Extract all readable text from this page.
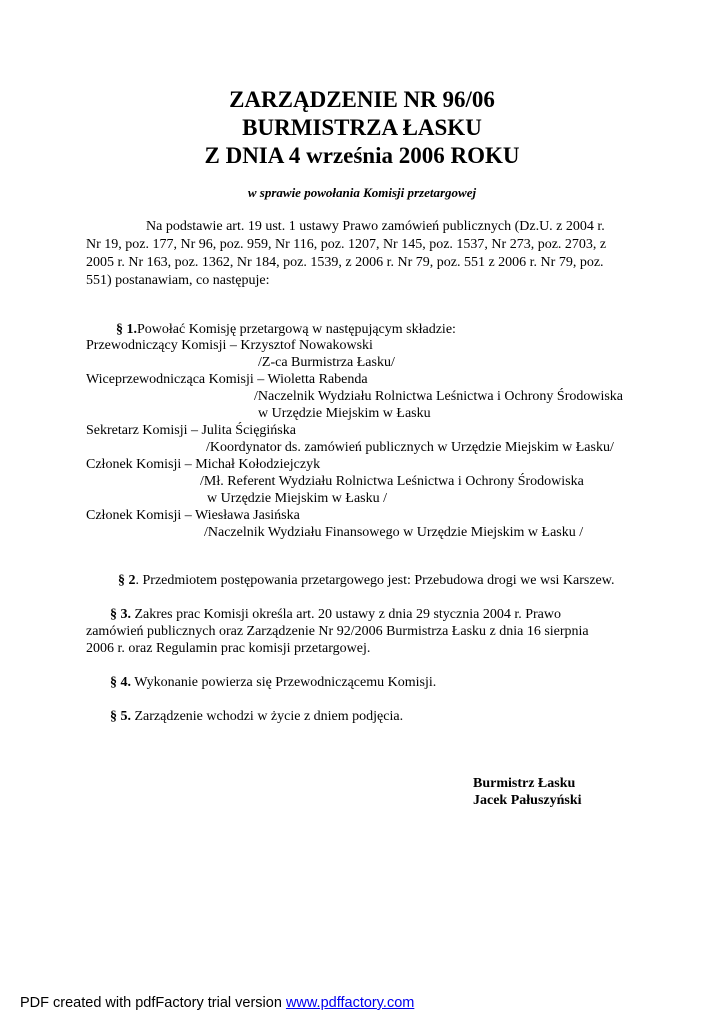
ZARZĄDZENIE NR 96/06
BURMISTRZA ŁASKU
Z DNIA 4 września 2006 ROKU
w sprawie powołania Komisji przetargowej
Na podstawie art. 19 ust. 1 ustawy Prawo zamówień publicznych (Dz.U. z 2004 r.
Nr 19, poz. 177, Nr 96, poz. 959, Nr 116, poz. 1207, Nr 145, poz. 1537, Nr 273, poz. 2703, z
2005 r. Nr 163, poz. 1362, Nr 184, poz. 1539, z 2006 r. Nr 79, poz. 551 z 2006 r. Nr 79, poz.
551) postanawiam, co następuje:
§ 1.Powołać Komisję przetargową w następującym składzie:
Przewodniczący Komisji – Krzysztof Nowakowski
/Z-ca Burmistrza Łasku/
Wiceprzewodnicząca Komisji – Wioletta Rabenda
/Naczelnik Wydziału Rolnictwa Leśnictwa i Ochrony Środowiska
w Urzędzie Miejskim w Łasku
Sekretarz Komisji – Julita Ścięgińska
/Koordynator ds. zamówień publicznych w Urzędzie Miejskim w Łasku/
Członek Komisji – Michał Kołodziejczyk
/Mł. Referent Wydziału Rolnictwa Leśnictwa i Ochrony Środowiska
w Urzędzie Miejskim w Łasku /
Członek Komisji – Wiesława Jasińska
/Naczelnik Wydziału Finansowego w Urzędzie Miejskim w Łasku /
§ 2. Przedmiotem postępowania przetargowego jest: Przebudowa drogi we wsi Karszew.
§ 3. Zakres prac Komisji określa art. 20 ustawy z dnia 29 stycznia 2004 r. Prawo
zamówień publicznych oraz Zarządzenie Nr 92/2006 Burmistrza Łasku z dnia 16 sierpnia
2006 r. oraz Regulamin prac komisji przetargowej.
§ 4. Wykonanie powierza się Przewodniczącemu Komisji.
§ 5. Zarządzenie wchodzi w życie z dniem podjęcia.
Burmistrz Łasku
Jacek Pałuszyński
PDF created with pdfFactory trial version www.pdffactory.com
